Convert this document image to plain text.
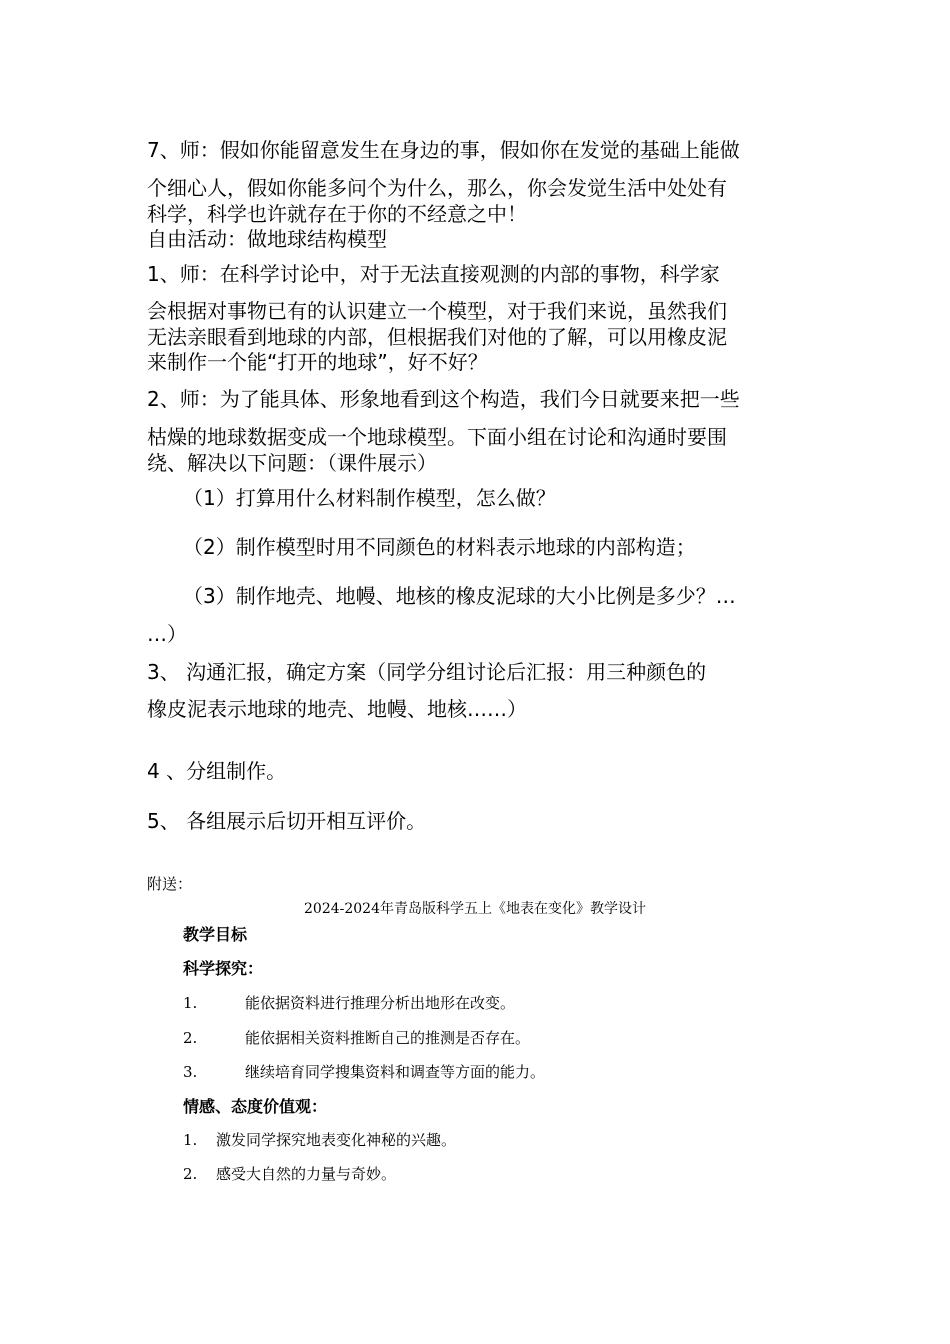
7、师：假如你能留意发生在身边的事，假如你在发觉的基础上能做

个细心人，假如你能多问个为什么，那么，你会发觉生活中处处有

科学，科学也许就存在于你的不经意之中！

自由活动：做地球结构模型

1、师：在科学讨论中，对于无法直接观测的内部的事物，科学家

会根据对事物已有的认识建立一个模型，对于我们来说，虽然我们

无法亲眼看到地球的内部，但根据我们对他的了解，可以用橡皮泥

来制作一个能“打开的地球”，好不好？

2、师：为了能具体、形象地看到这个构造，我们今日就要来把一些

枯燥的地球数据变成一个地球模型。下面小组在讨论和沟通时要围

绕、解决以下问题：（课件展示）

（1）打算用什么材料制作模型，怎么做？

（2）制作模型时用不同颜色的材料表示地球的内部构造；

（3）制作地壳、地幔、地核的橡皮泥球的大小比例是多少？…

…）

3、 沟通汇报，确定方案（同学分组讨论后汇报：用三种颜色的

橡皮泥表示地球的地壳、地幔、地核……）

4 、分组制作。

5、 各组展示后切开相互评价。

附送：

2024-2024年青岛版科学五上《地表在变化》教学设计
教学目标
科学探究：
1.	能依据资料进行推理分析出地形在改变。
2.	能依据相关资料推断自己的推测是否存在。
3.	继续培育同学搜集资料和调查等方面的能力。
情感、态度价值观：
1. 激发同学探究地表变化神秘的兴趣。
2. 感受大自然的力量与奇妙。
